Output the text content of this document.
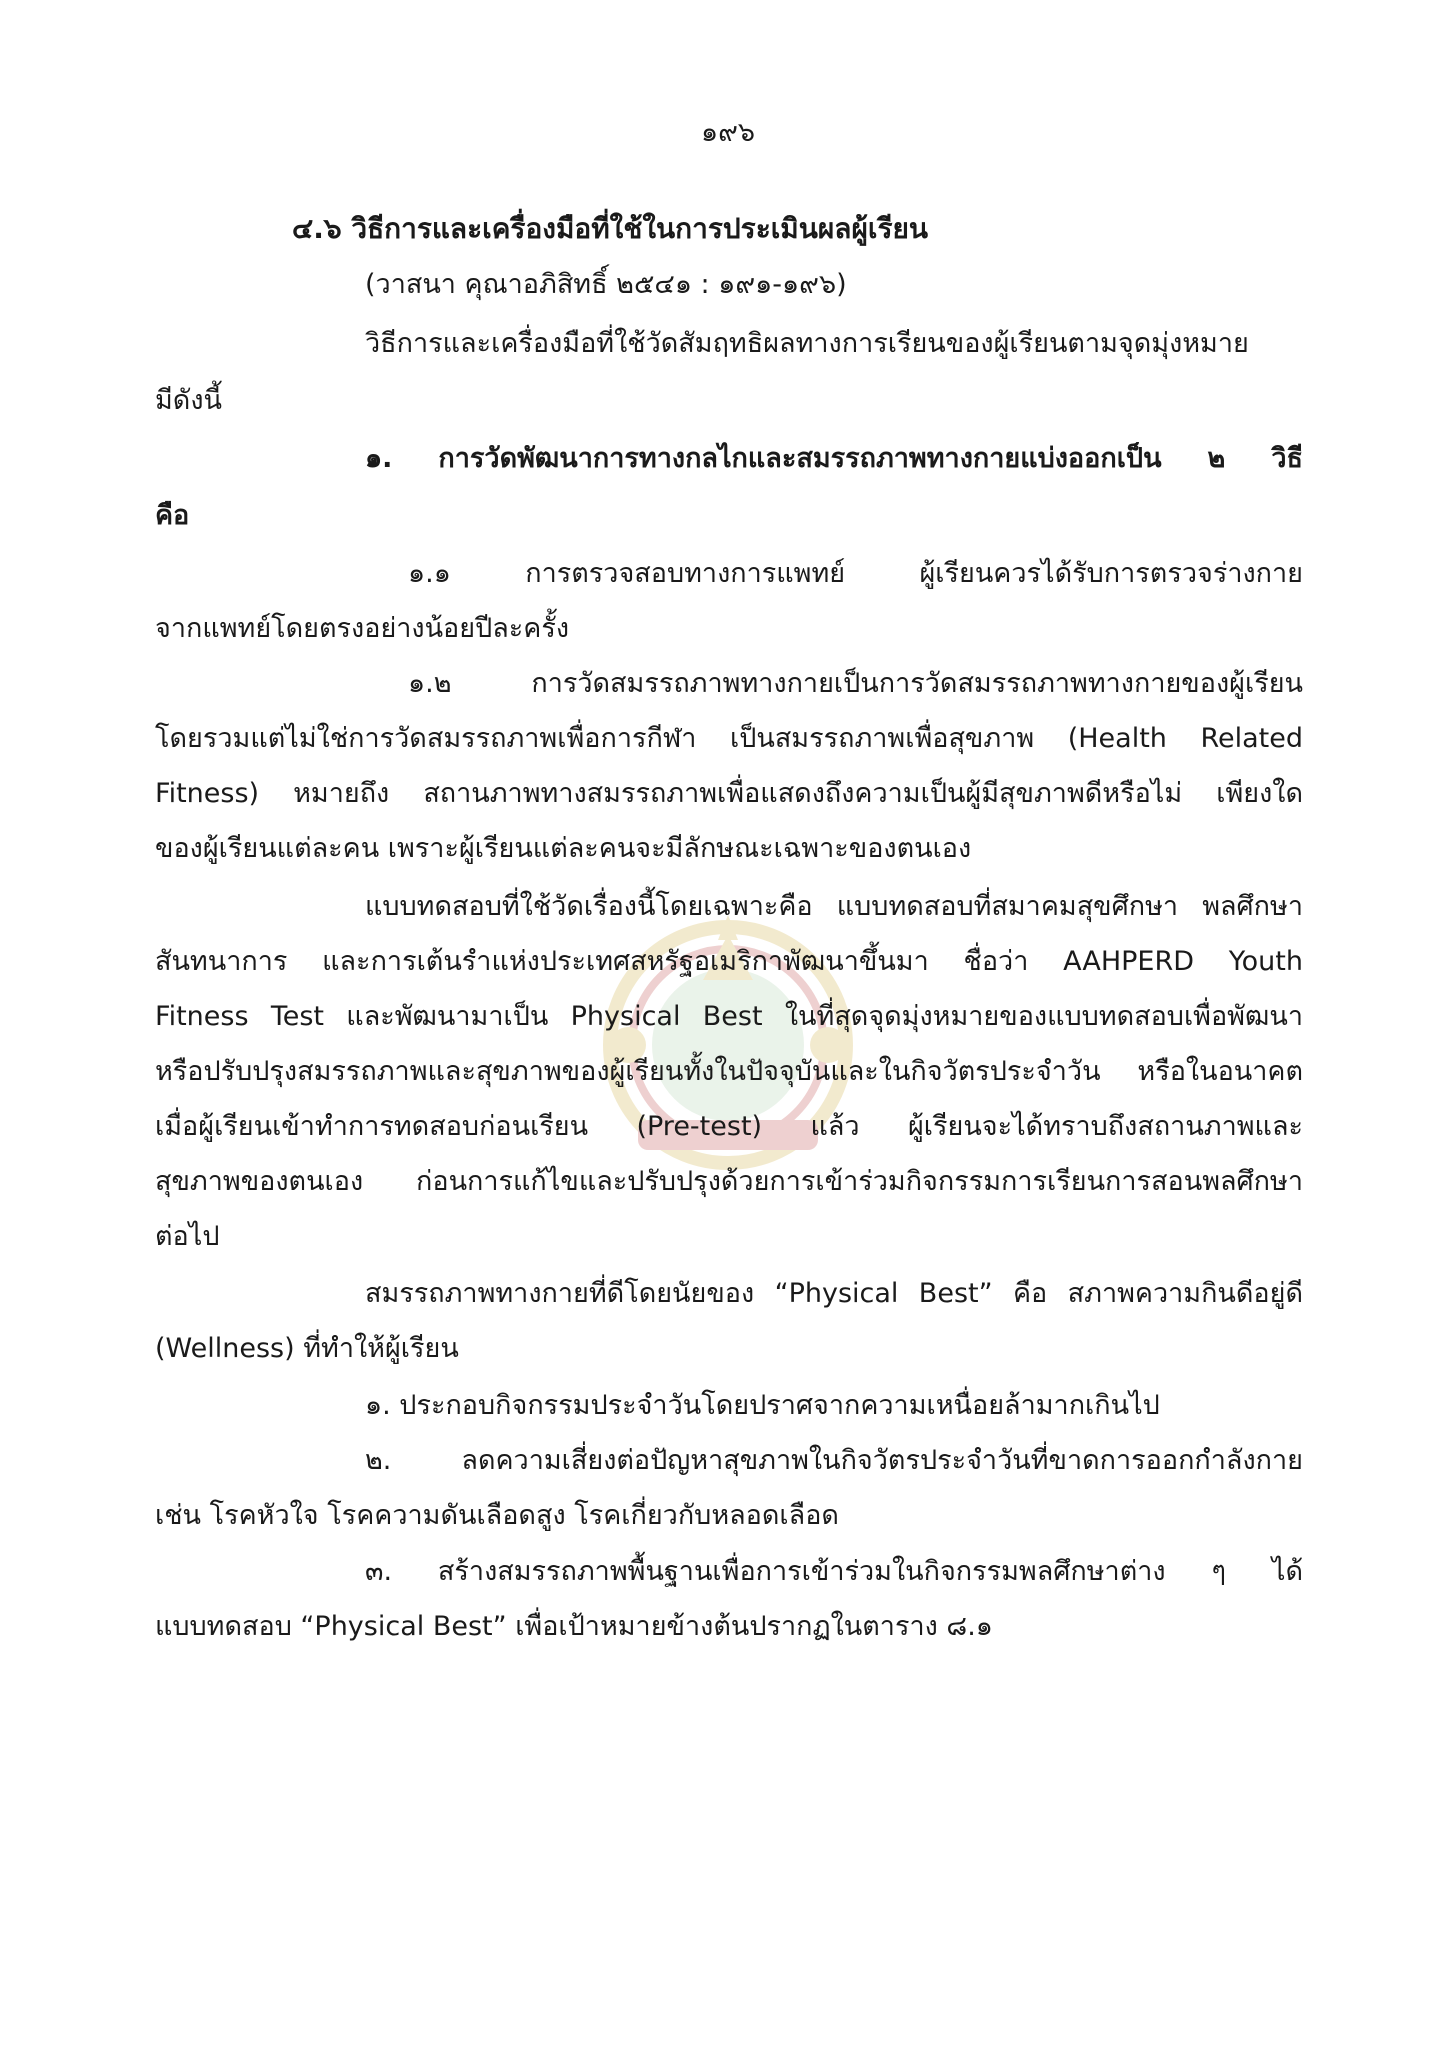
๑๙๖
๔.๖ วิธีการและเครื่องมือที่ใช้ในการประเมินผลผู้เรียน
(วาสนา คุณาอภิสิทธิ์ ๒๕๔๑ : ๑๙๑-๑๙๖)
วิธีการและเครื่องมือที่ใช้วัดสัมฤทธิผลทางการเรียนของผู้เรียนตามจุดมุ่งหมาย
มีดังนี้
๑. การวัดพัฒนาการทางกลไกและสมรรถภาพทางกายแบ่งออกเป็น ๒ วิธี
คือ
๑.๑ การตรวจสอบทางการแพทย์ ผู้เรียนควรได้รับการตรวจร่างกาย
จากแพทย์โดยตรงอย่างน้อยปีละครั้ง
๑.๒ การวัดสมรรถภาพทางกายเป็นการวัดสมรรถภาพทางกายของผู้เรียน
โดยรวมแต่ไม่ใช่การวัดสมรรถภาพเพื่อการกีฬา เป็นสมรรถภาพเพื่อสุขภาพ (Health Related
Fitness) หมายถึง สถานภาพทางสมรรถภาพเพื่อแสดงถึงความเป็นผู้มีสุขภาพดีหรือไม่ เพียงใด
ของผู้เรียนแต่ละคน เพราะผู้เรียนแต่ละคนจะมีลักษณะเฉพาะของตนเอง
แบบทดสอบที่ใช้วัดเรื่องนี้โดยเฉพาะคือ แบบทดสอบที่สมาคมสุขศึกษา พลศึกษา
สันทนาการ และการเต้นรำแห่งประเทศสหรัฐอเมริกาพัฒนาขึ้นมา ชื่อว่า AAHPERD Youth
Fitness Test และพัฒนามาเป็น Physical Best ในที่สุดจุดมุ่งหมายของแบบทดสอบเพื่อพัฒนา
หรือปรับปรุงสมรรถภาพและสุขภาพของผู้เรียนทั้งในปัจจุบันและในกิจวัตรประจำวัน หรือในอนาคต
เมื่อผู้เรียนเข้าทำการทดสอบก่อนเรียน (Pre-test) แล้ว ผู้เรียนจะได้ทราบถึงสถานภาพและ
สุขภาพของตนเอง ก่อนการแก้ไขและปรับปรุงด้วยการเข้าร่วมกิจกรรมการเรียนการสอนพลศึกษา
ต่อไป
สมรรถภาพทางกายที่ดีโดยนัยของ “Physical Best” คือ สภาพความกินดีอยู่ดี
(Wellness) ที่ทำให้ผู้เรียน
๑. ประกอบกิจกรรมประจำวันโดยปราศจากความเหนื่อยล้ามากเกินไป
๒. ลดความเสี่ยงต่อปัญหาสุขภาพในกิจวัตรประจำวันที่ขาดการออกกำลังกาย
เช่น โรคหัวใจ โรคความดันเลือดสูง โรคเกี่ยวกับหลอดเลือด
๓. สร้างสมรรถภาพพื้นฐานเพื่อการเข้าร่วมในกิจกรรมพลศึกษาต่าง ๆ ได้
แบบทดสอบ “Physical Best” เพื่อเป้าหมายข้างต้นปรากฏในตาราง ๘.๑
